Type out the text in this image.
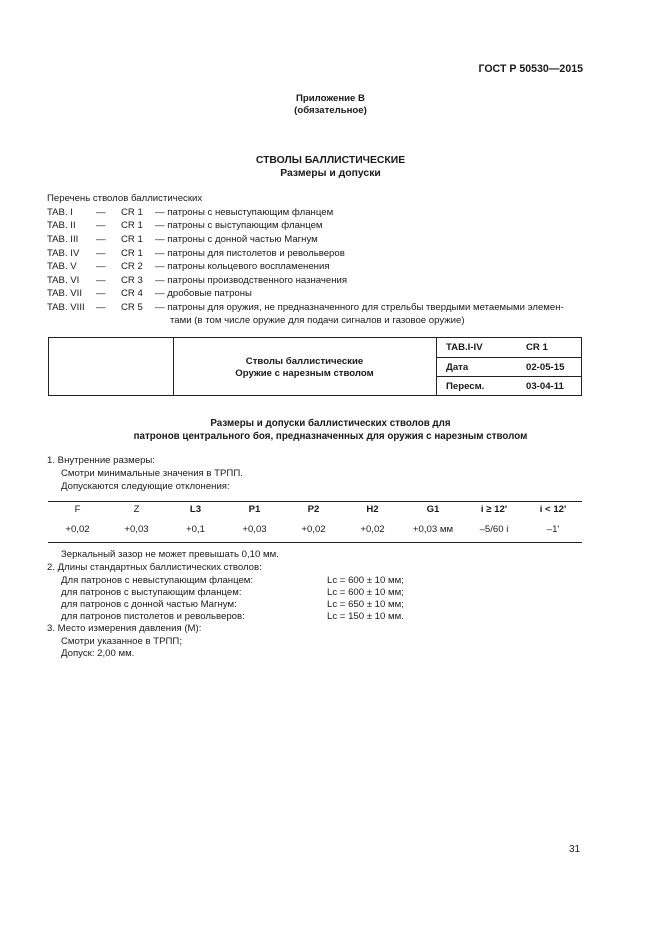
ГОСТ Р 50530—2015
Приложение В
(обязательное)
СТВОЛЫ БАЛЛИСТИЧЕСКИЕ
Размеры и допуски
Перечень стволов баллистических
TAB. I — CR 1 — патроны с невыступающим фланцем
TAB. II — CR 1 — патроны с выступающим фланцем
TAB. III — CR 1 — патроны с донной частью Магнум
TAB. IV — CR 1 — патроны для пистолетов и револьверов
TAB. V — CR 2 — патроны кольцевого воспламенения
TAB. VI — CR 3 — патроны производственного назначения
TAB. VII — CR 4 — дробовые патроны
TAB. VIII — CR 5 — патроны для оружия, не предназначенного для стрельбы твердыми метаемыми элемен-
тами (в том числе оружие для подачи сигналов и газовое оружие)
Стволы баллистические
Оружие с нарезным стволом
TAB.I-IV	CR 1
Дата	02-05-15
Пересм.	03-04-11
Размеры и допуски баллистических стволов для
патронов центрального боя, предназначенных для оружия с нарезным стволом
1. Внутренние размеры:
Смотри минимальные значения в ТРПП.
Допускаются следующие отклонения:
F	Z	L3	P1	P2	H2	G1	i ≥ 12'	i < 12'
+0,02	+0,03	+0,1	+0,03	+0,02	+0,02	+0,03 мм	–5/60 i	–1'
Зеркальный зазор не может превышать 0,10 мм.
2. Длины стандартных баллистических стволов:
Для патронов с невыступающим фланцем:	Lc = 600 ± 10 мм;
для патронов с выступающим фланцем:	Lc = 600 ± 10 мм;
для патронов с донной частью Магнум:	Lc = 650 ± 10 мм;
для патронов пистолетов и револьверов:	Lc = 150 ± 10 мм.
3. Место измерения давления (М):
Смотри указанное в ТРПП;
Допуск: 2,00 мм.
31
